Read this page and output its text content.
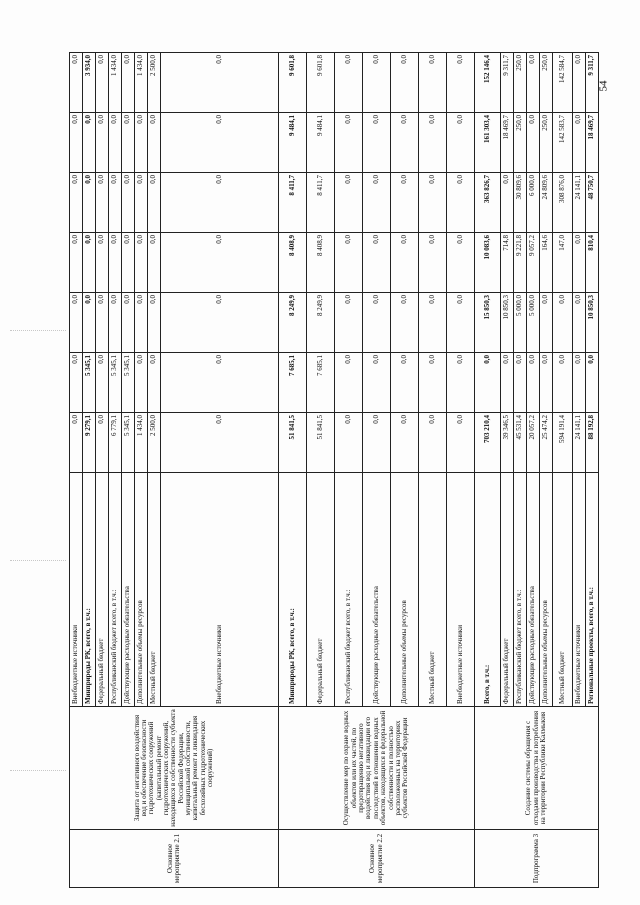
54
Основное мероприятие 2.1	Защита от негативного воздействия вод и обеспечение безопасности гидротехнических сооружений (капитальный ремонт гидротехнических сооружений, находящихся в собственности субъекта Российской Федерации, муниципальной собственности, капитальный ремонт и ликвидация бесхозяйных гидротехнических сооружений)	Внебюджетные источники	0,0	0,0	0,0	0,0	0,0	0,0	0,0
		Минприроды РК, всего, в т.ч.:	9 279,1	5 345,1	0,0	0,0	0,0	0,0	3 934,0
		Федеральный бюджет	0,0	0,0	0,0	0,0	0,0	0,0	0,0
		Республиканский бюджет всего, в т.ч.:	6 779,1	5 345,1	0,0	0,0	0,0	0,0	1 434,0
		Действующие расходные обязательства	5 345,1	5 345,1	0,0	0,0	0,0	0,0	0,0
		Дополнительные объемы ресурсов	1 434,0	0,0	0,0	0,0	0,0	0,0	1 434,0
		Местный бюджет	2 500,0	0,0	0,0	0,0	0,0	0,0	2 500,0
		Внебюджетные источники	0,0	0,0	0,0	0,0	0,0	0,0	0,0
Основное мероприятие 2.2	Осуществление мер по охране водных объектов или их частей, по предотвращению негативного воздействия вод и ликвидации его последствий в отношении водных объектов, находящихся в федеральной собственности и полностью расположенных на территориях субъектов Российской Федерации	Минприроды РК, всего, в т.ч.:	51 841,5	7 685,1	8 249,9	8 408,9	8 411,7	9 484,1	9 601,8
		Федеральный бюджет	51 841,5	7 685,1	8 249,9	8 408,9	8 411,7	9 484,1	9 601,8
		Республиканский бюджет всего, в т.ч.:	0,0	0,0	0,0	0,0	0,0	0,0	0,0
		Действующие расходные обязательства	0,0	0,0	0,0	0,0	0,0	0,0	0,0
		Дополнительные объемы ресурсов	0,0	0,0	0,0	0,0	0,0	0,0	0,0
		Местный бюджет	0,0	0,0	0,0	0,0	0,0	0,0	0,0
		Внебюджетные источники	0,0	0,0	0,0	0,0	0,0	0,0	0,0
Подпрограмма 3	Создание системы обращения с отходами производства и потребления на территории Республики Калмыкия	Всего, в т.ч.:	703 210,4	0,0	15 850,3	10 083,6	363 826,7	161 303,4	152 146,4
		Федеральный бюджет	39 346,5	0,0	10 850,3	714,8	0,0	18 469,7	9 311,7
		Республиканский бюджет всего, в т.ч.:	45 531,4	0,0	5 000,0	9 221,8	30 809,6	250,0	250,0
		Действующие расходные обязательства	20 057,2	0,0	5 000,0	9 057,2	6 000,0	0,0	0,0
		Дополнительные объемы ресурсов	25 474,2	0,0	0,0	164,6	24 809,6	250,0	250,0
		Местный бюджет	594 191,4	0,0	0,0	147,0	308 876,0	142 583,7	142 584,7
		Внебюджетные источники	24 141,1	0,0	0,0	0,0	24 141,1	0,0	0,0
		Региональные проекты, всего, в т.ч.:	88 192,8	0,0	10 850,3	810,4	48 750,7	18 469,7	9 311,7
